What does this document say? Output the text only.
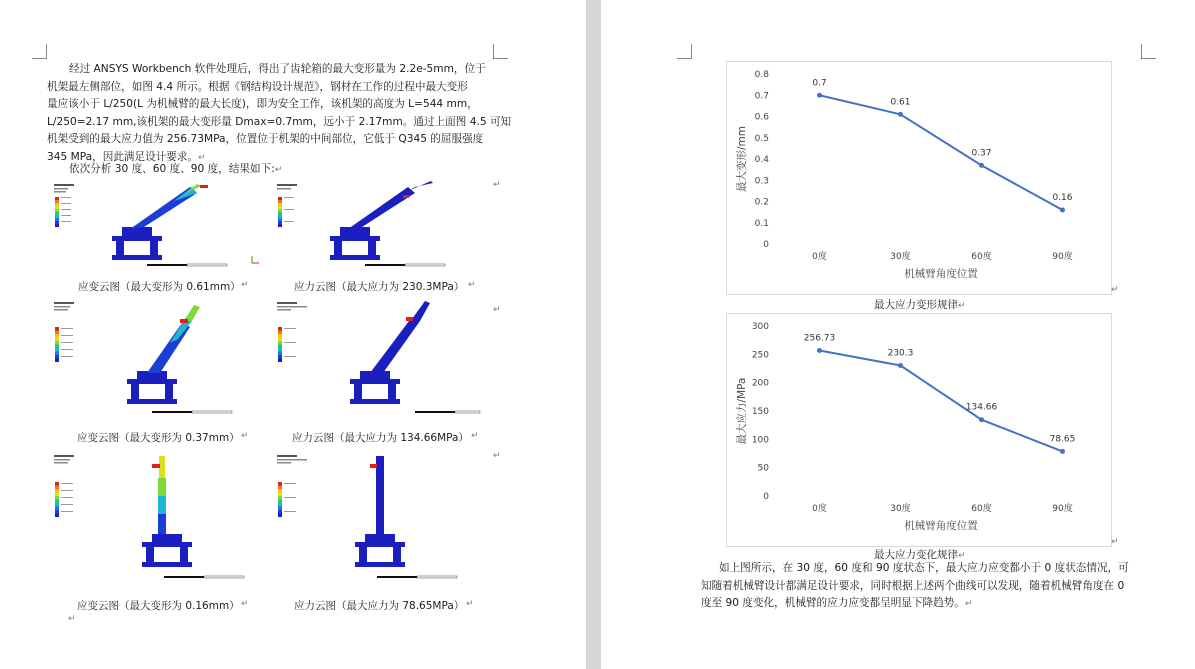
经过 ANSYS Workbench 软件处理后，得出了齿轮箱的最大变形量为 2.2e-5mm，位于
机架最左侧部位，如图 4.4 所示。根据《钢结构设计规范》，钢材在工作的过程中最大变形
量应该小于 L/250(L 为机械臂的最大长度)，即为安全工作，该机架的高度为 L=544 mm，
L/250=2.17 mm,该机架的最大变形量 Dmax=0.7mm，远小于 2.17mm。通过上面图 4.5 可知
机架受到的最大应力值为 256.73MPa，位置位于机架的中间部位，它低于 Q345 的屈服强度
345 MPa，因此满足设计要求。↵
依次分析 30 度、60 度、90 度，结果如下:↵
↵
↵
↵
↵
应变云图（最大变形为 0.61mm） ↵	应力云图（最大应力为 230.3MPa） ↵
应变云图（最大变形为 0.37mm） ↵	应力云图（最大应力为 134.66MPa） ↵
应变云图（最大变形为 0.16mm） ↵	应力云图（最大应力为 78.65MPa） ↵
0
0.1
0.2
0.3
0.4
0.5
0.6
0.7
0.8
0度	30度	60度	90度
0.7
0.61
0.37
0.16
机械臂角度位置
最大变形/mm
↵
最大应力变形规律↵
0
50
100
150
200
250
300
0度	30度	60度	90度
256.73
230.3
134.66
78.65
机械臂角度位置
最大应力/MPa
↵
最大应力变化规律↵
如上图所示，在 30 度，60 度和 90 度状态下，最大应力应变都小于 0 度状态情况，可
知随着机械臂设计都满足设计要求，同时根据上述两个曲线可以发现，随着机械臂角度在 0
度至 90 度变化，机械臂的应力应变都呈明显下降趋势。↵
